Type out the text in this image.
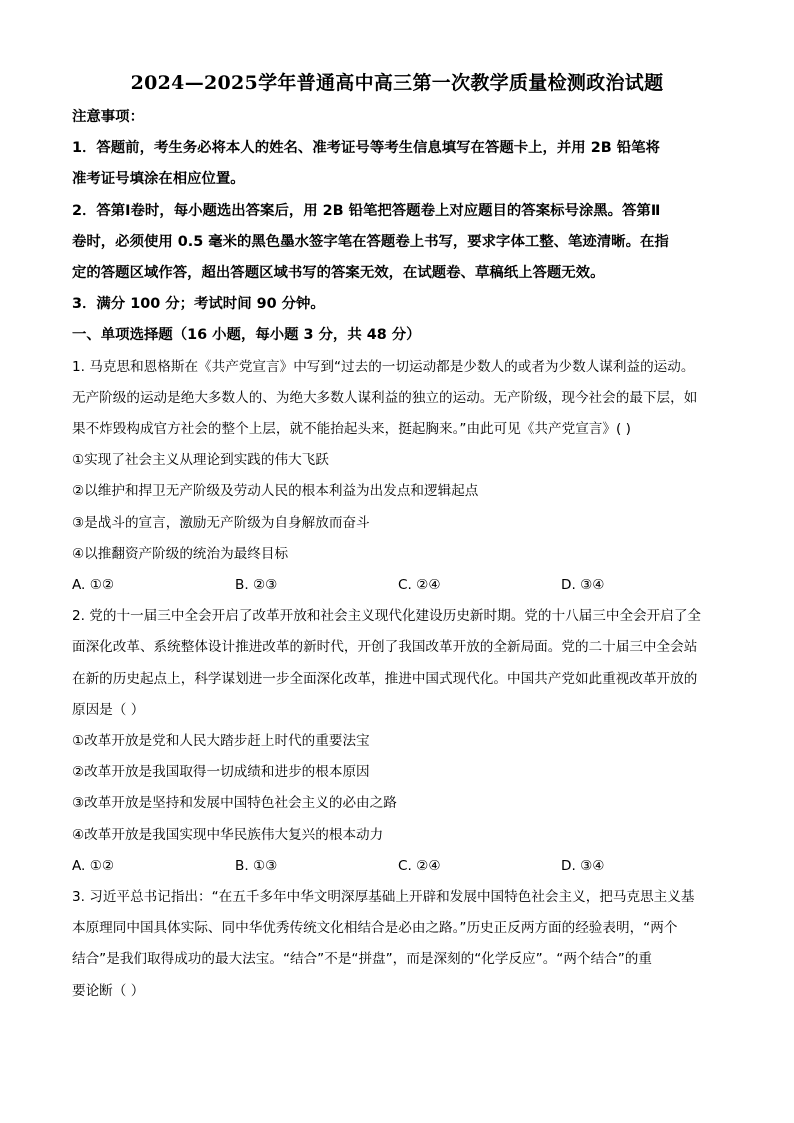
2024—2025学年普通高中高三第一次教学质量检测政治试题
注意事项：
1．答题前，考生务必将本人的姓名、准考证号等考生信息填写在答题卡上，并用 2B 铅笔将
准考证号填涂在相应位置。
2．答第Ⅰ卷时，每小题选出答案后，用 2B 铅笔把答题卷上对应题目的答案标号涂黑。答第Ⅱ
卷时，必须使用 0.5 毫米的黑色墨水签字笔在答题卷上书写，要求字体工整、笔迹清晰。在指
定的答题区域作答，超出答题区域书写的答案无效，在试题卷、草稿纸上答题无效。
3．满分 100 分；考试时间 90 分钟。
一、单项选择题（16 小题，每小题 3 分，共 48 分）
1. 马克思和恩格斯在《共产党宣言》中写到“过去的一切运动都是少数人的或者为少数人谋利益的运动。
无产阶级的运动是绝大多数人的、为绝大多数人谋利益的独立的运动。无产阶级，现今社会的最下层，如
果不炸毁构成官方社会的整个上层，就不能抬起头来，挺起胸来。”由此可见《共产党宣言》( )
①实现了社会主义从理论到实践的伟大飞跃
②以维护和捍卫无产阶级及劳动人民的根本利益为出发点和逻辑起点
③是战斗的宣言，激励无产阶级为自身解放而奋斗
④以推翻资产阶级的统治为最终目标
A. ①②	B. ②③	C. ②④	D. ③④
2. 党的十一届三中全会开启了改革开放和社会主义现代化建设历史新时期。党的十八届三中全会开启了全
面深化改革、系统整体设计推进改革的新时代，开创了我国改革开放的全新局面。党的二十届三中全会站
在新的历史起点上，科学谋划进一步全面深化改革，推进中国式现代化。中国共产党如此重视改革开放的
原因是（ ）
①改革开放是党和人民大踏步赶上时代的重要法宝
②改革开放是我国取得一切成绩和进步的根本原因
③改革开放是坚持和发展中国特色社会主义的必由之路
④改革开放是我国实现中华民族伟大复兴的根本动力
A. ①②	B. ①③	C. ②④	D. ③④
3. 习近平总书记指出：“在五千多年中华文明深厚基础上开辟和发展中国特色社会主义，把马克思主义基
本原理同中国具体实际、同中华优秀传统文化相结合是必由之路。”历史正反两方面的经验表明，“两个
结合”是我们取得成功的最大法宝。“结合”不是“拼盘”，而是深刻的“化学反应”。“两个结合”的重
要论断（ ）
